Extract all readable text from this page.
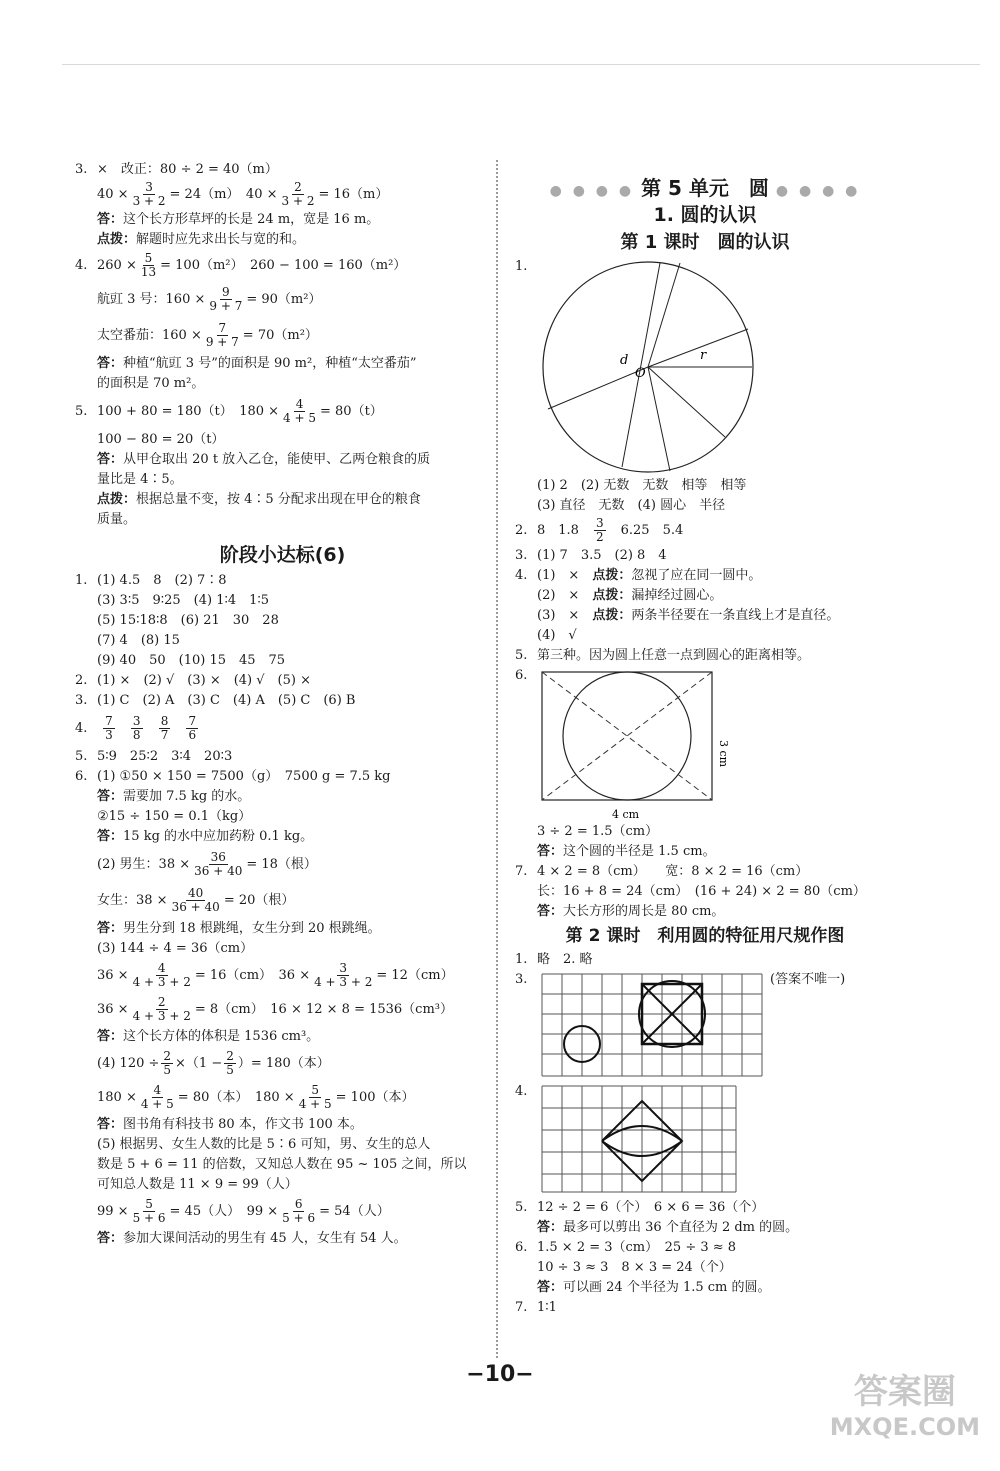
3. ×　改正：80 ÷ 2 = 40（m）
$40 \times \frac{3}{3 + 2} = 24(m)$　$40 \times \frac{2}{3 + 2} = 16(m)$
答：这个长方形草坪的长是 24 m，宽是 16 m。
点拨：解题时应先求出长与宽的和。
4. $260 \times \frac{5}{13} = 100(m^2)$　260 − 100 = 160（m²）
航豇 3 号：$160 \times \frac{9}{9 + 7} = 90(m^2)$
太空番茄：$160 \times \frac{7}{9 + 7} = 70(m^2)$
答：种植“航豇 3 号”的面积是 90 m²，种植“太空番茄”
的面积是 70 m²。
5. 100 + 80 = 180（t）　$180 \times \frac{4}{4 + 5} = 80(t)$
100 − 80 = 20（t）
答：从甲仓取出 20 t 放入乙仓，能使甲、乙两仓粮食的质
量比是 4∶5。
点拨：根据总量不变，按 4∶5 分配求出现在甲仓的粮食
质量。
阶段小达标(6)
1. (1) 4.5　8　(2) 7∶8
(3) 3∶5　9∶25　(4) 1∶4　1∶5
(5) 15∶18∶8　(6) 21　30　28
(7) 4　(8) 15
(9) 40　50　(10) 15　45　75
2. (1) ×　(2) √　(3) ×　(4) √　(5) ×
3. (1) C　(2) A　(3) C　(4) A　(5) C　(6) B
4. $\frac{7}{3}$
$\frac{3}{8}$
$\frac{8}{7}$
$\frac{7}{6}$
5. 5∶9　25∶2　3∶4　20∶3
6. (1) ①50 × 150 = 7500（g）　7500 g = 7.5 kg
答：需要加 7.5 kg 的水。
②15 ÷ 150 = 0.1（kg）
答：15 kg 的水中应加药粉 0.1 kg。
(2) 男生：$38 \times \frac{36}{36 + 40} = 18$（根）
女生：$38 \times \frac{40}{36 + 40} = 20$（根）
答：男生分到 18 根跳绳，女生分到 20 根跳绳。
(3) 144 ÷ 4 = 36（cm）
$36 \times \frac{4}{4 + 3 + 2} = 16(cm)$　$36 \times \frac{3}{4 + 3 + 2} = 12(cm)$
$36 \times \frac{2}{4 + 3 + 2} = 8(cm)$　16 × 12 × 8 = 1536（cm³）
答：这个长方体的体积是 1536 cm³。
(4) $120 \div \frac{2}{5} \times(1 - \frac{2}{5}$ ）= 180（本）
$180 \times \frac{4}{4 + 5} = 80$（本）　$180 \times \frac{5}{4 + 5} = 100$（本）
答：图书角有科技书 80 本，作文书 100 本。
(5) 根据男、女生人数的比是 5∶6 可知，男、女生的总人
数是 5 + 6 = 11 的倍数，又知总人数在 95 ~ 105 之间，所以
可知总人数是 11 × 9 = 99（人）
$99 \times \frac{5}{5 + 6} = 45$（人）　$99 \times \frac{6}{5 + 6} = 54$（人）
答：参加大课间活动的男生有 45 人，女生有 54 人。
● ● ● ● 第 5 单元　圆 ● ● ● ●
1. 圆的认识
第 1 课时　圆的认识
1.
d
O
r
(1) 2　(2) 无数　无数　相等　相等
(3) 直径　无数　(4) 圆心　半径
2. 8　1.8　 $\frac{3}{2}$
　 6.25　5.4
3. (1) 7　3.5　(2) 8　4
4. (1)　×　 点拨：忽视了应在同一圆中。
(2)　×　 点拨：漏掉经过圆心。
(3)　×　 点拨：两条半径要在一条直线上才是直径。
(4)　√
5. 第三种。因为圆上任意一点到圆心的距离相等。
6.
3 cm
4 cm
3 ÷ 2 = 1.5（cm）
答：这个圆的半径是 1.5 cm。
7. 4 × 2 = 8（cm）　　宽：8 × 2 = 16（cm）
长：16 + 8 = 24（cm）　(16 + 24) × 2 = 80（cm）
答：大长方形的周长是 80 cm。
第 2 课时　利用圆的特征用尺规作图
1. 略　2. 略
3.	(答案不唯一)
4.
5. 12 ÷ 2 = 6（个）　6 × 6 = 36（个）
答：最多可以剪出 36 个直径为 2 dm 的圆。
6. 1.5 × 2 = 3（cm）　25 ÷ 3 ≈ 8
10 ÷ 3 ≈ 3　8 × 3 = 24（个）
答：可以画 24 个半径为 1.5 cm 的圆。
7. 1∶1
−10−	答案圈
MXQE.COM
